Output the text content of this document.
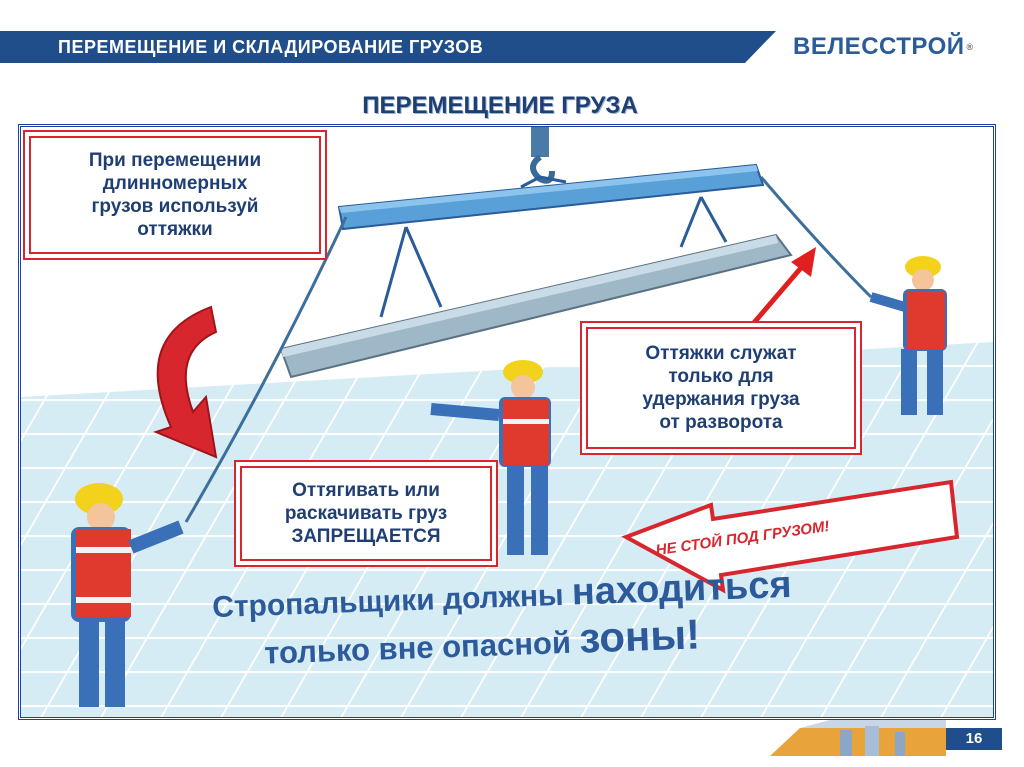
ПЕРЕМЕЩЕНИЕ И СКЛАДИРОВАНИЕ ГРУЗОВ	ВЕЛЕССТРОЙ ®
ПЕРЕМЕЩЕНИЕ ГРУЗА
При перемещении
длинномерных
грузов используй
оттяжки
Оттяжки служат
только для
удержания груза
от разворота
Оттягивать или
раскачивать груз
ЗАПРЕЩАЕТСЯ	НЕ СТОЙ ПОД ГРУЗОМ!
Стропальщики должны находиться
только вне опасной зоны!
16
